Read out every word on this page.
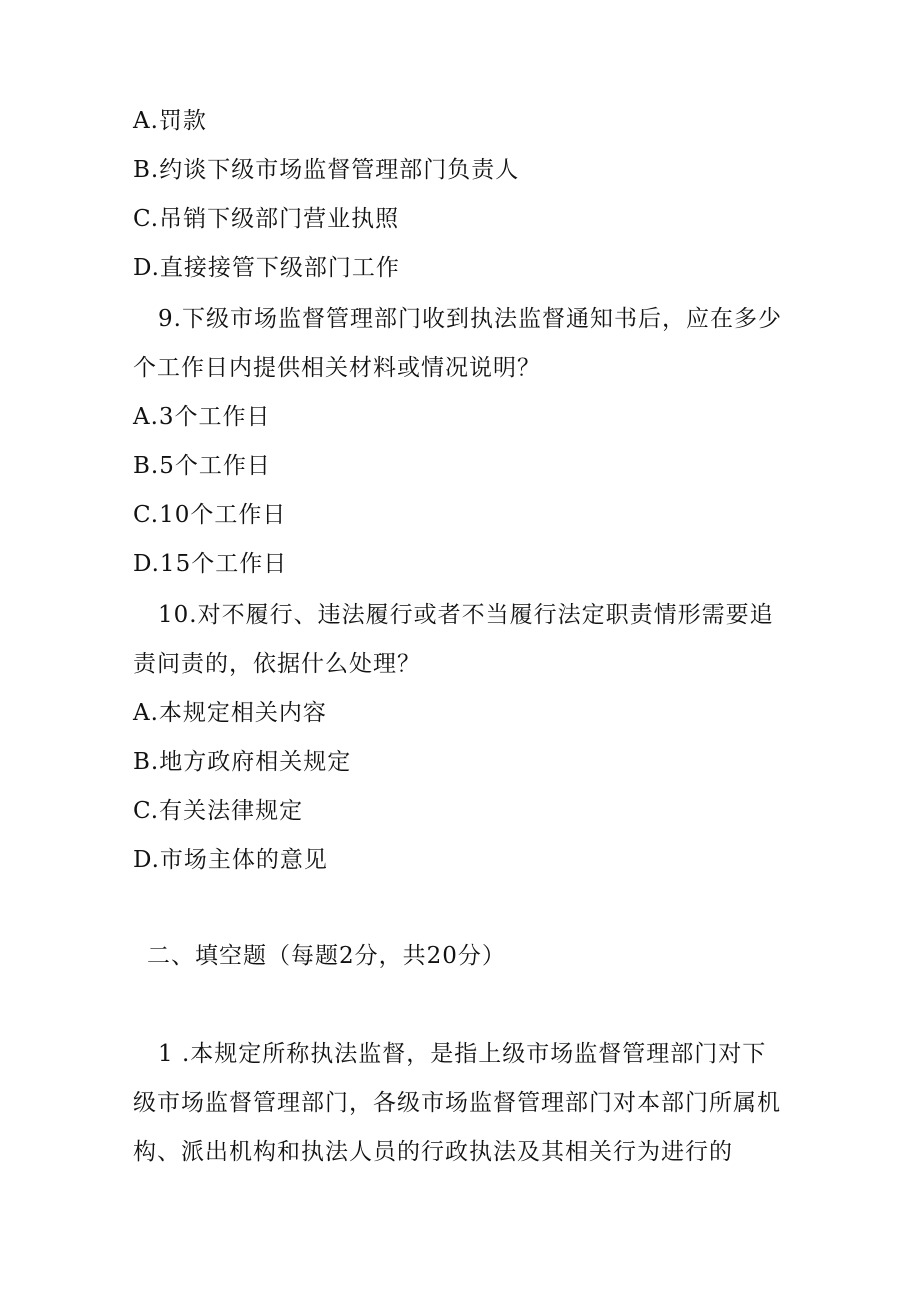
A.罚款
B.约谈下级市场监督管理部门负责人
C.吊销下级部门营业执照
D.直接接管下级部门工作
9.下级市场监督管理部门收到执法监督通知书后，应在多少
个工作日内提供相关材料或情况说明？
A.3个工作日
B.5个工作日
C.10个工作日
D.15个工作日
10.对不履行、违法履行或者不当履行法定职责情形需要追
责问责的，依据什么处理？
A.本规定相关内容
B.地方政府相关规定
C.有关法律规定
D.市场主体的意见
二、填空题（每题2分，共20分）
1 .本规定所称执法监督，是指上级市场监督管理部门对下
级市场监督管理部门，各级市场监督管理部门对本部门所属机
构、派出机构和执法人员的行政执法及其相关行为进行的
